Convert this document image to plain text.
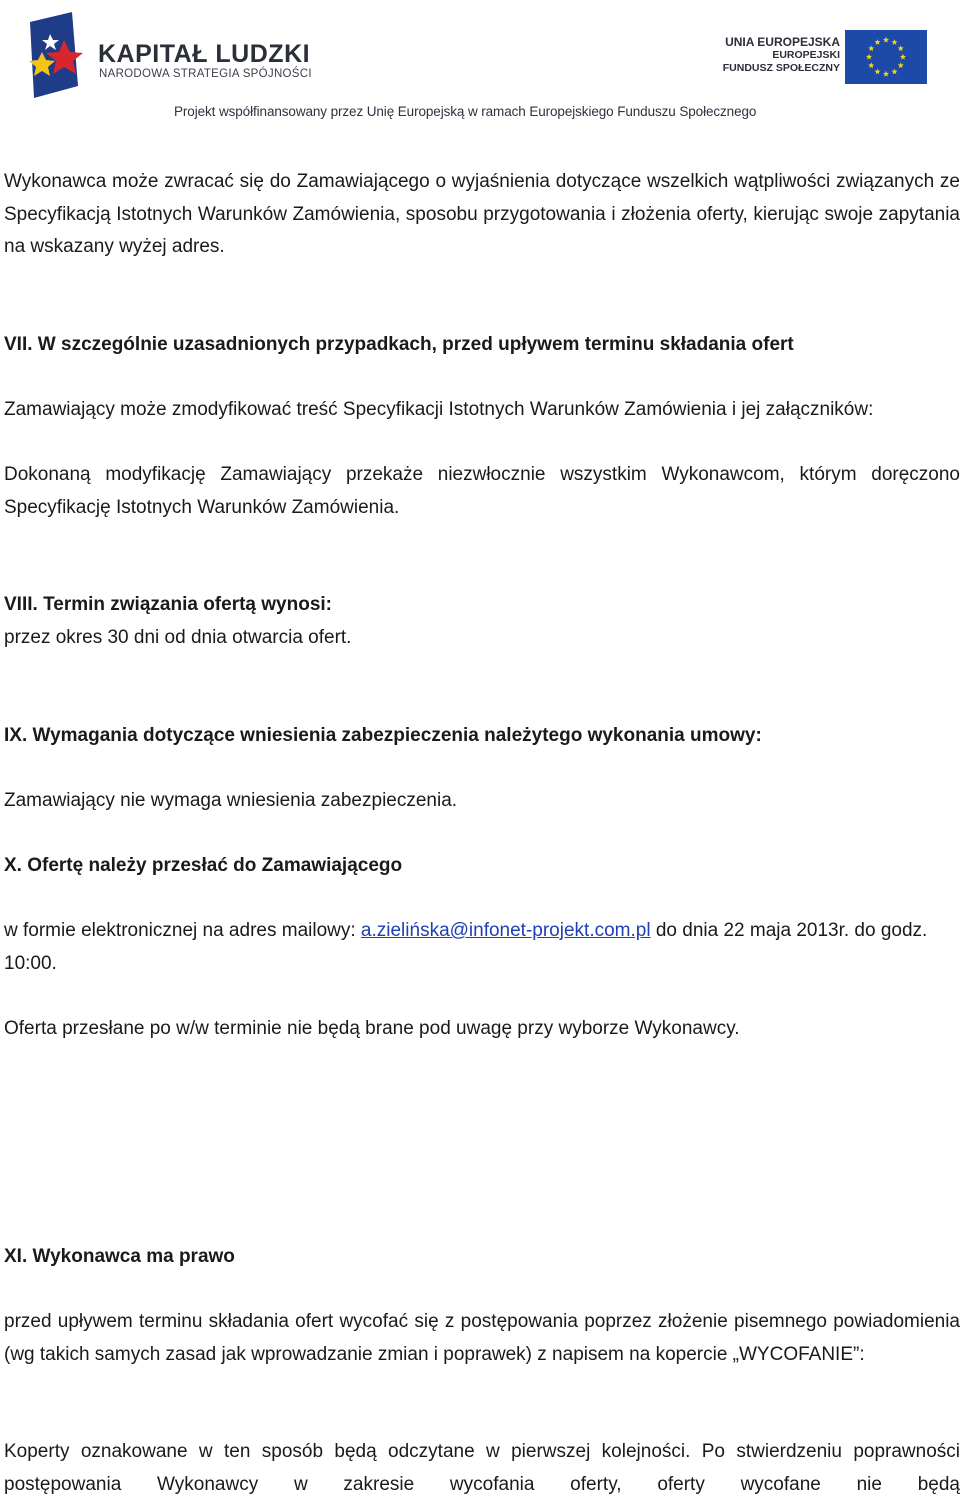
KAPITAŁ LUDZKI
NARODOWA STRATEGIA SPÓJNOŚCI
UNIA EUROPEJSKA
EUROPEJSKI
FUNDUSZ SPOŁECZNY
Projekt współfinansowany przez Unię Europejską w ramach Europejskiego Funduszu Społecznego
Wykonawca może zwracać się do Zamawiającego o wyjaśnienia dotyczące wszelkich wątpliwości związanych ze Specyfikacją Istotnych Warunków Zamówienia, sposobu przygotowania i złożenia oferty, kierując swoje zapytania na wskazany wyżej adres.
VII. W szczególnie uzasadnionych przypadkach, przed upływem terminu składania ofert
Zamawiający może zmodyfikować treść Specyfikacji Istotnych Warunków Zamówienia i jej załączników:
Dokonaną modyfikację Zamawiający przekaże niezwłocznie wszystkim Wykonawcom, którym doręczono Specyfikację Istotnych Warunków Zamówienia.
VIII. Termin związania ofertą wynosi:
przez okres 30 dni od dnia otwarcia ofert.
IX. Wymagania dotyczące wniesienia zabezpieczenia należytego wykonania umowy:
Zamawiający nie wymaga wniesienia zabezpieczenia.
X. Ofertę należy przesłać do Zamawiającego
w formie elektronicznej na adres mailowy: a.zielińska@infonet-projekt.com.pl do dnia 22 maja 2013r. do godz. 10:00.
Oferta przesłane po w/w terminie nie będą brane pod uwagę przy wyborze Wykonawcy.
XI. Wykonawca ma prawo
przed upływem terminu składania ofert wycofać się z postępowania poprzez złożenie pisemnego powiadomienia (wg takich samych zasad jak wprowadzanie zmian i poprawek) z napisem na kopercie „WYCOFANIE”:
Koperty oznakowane w ten sposób będą odczytane w pierwszej kolejności. Po stwierdzeniu poprawności postępowania Wykonawcy w zakresie wycofania oferty, oferty wycofane nie będą
